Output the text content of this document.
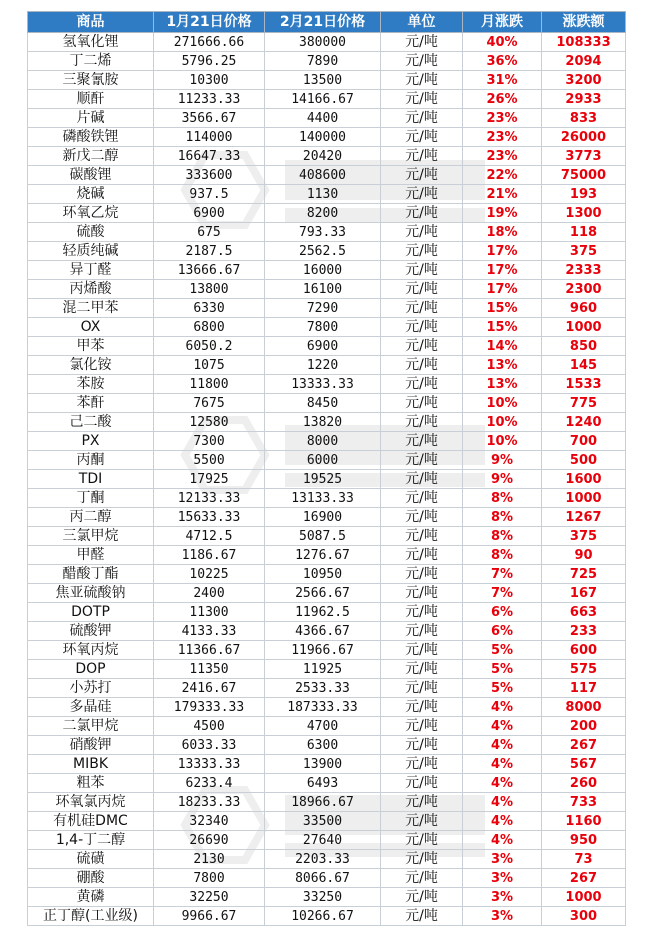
商品	1月21日价格	2月21日价格	单位	月涨跌	涨跌额
氢氧化锂	271666.66	380000	元/吨	40%	108333
丁二烯	5796.25	7890	元/吨	36%	2094
三聚氰胺	10300	13500	元/吨	31%	3200
顺酐	11233.33	14166.67	元/吨	26%	2933
片碱	3566.67	4400	元/吨	23%	833
磷酸铁锂	114000	140000	元/吨	23%	26000
新戊二醇	16647.33	20420	元/吨	23%	3773
碳酸锂	333600	408600	元/吨	22%	75000
烧碱	937.5	1130	元/吨	21%	193
环氧乙烷	6900	8200	元/吨	19%	1300
硫酸	675	793.33	元/吨	18%	118
轻质纯碱	2187.5	2562.5	元/吨	17%	375
异丁醛	13666.67	16000	元/吨	17%	2333
丙烯酸	13800	16100	元/吨	17%	2300
混二甲苯	6330	7290	元/吨	15%	960
OX	6800	7800	元/吨	15%	1000
甲苯	6050.2	6900	元/吨	14%	850
氯化铵	1075	1220	元/吨	13%	145
苯胺	11800	13333.33	元/吨	13%	1533
苯酐	7675	8450	元/吨	10%	775
己二酸	12580	13820	元/吨	10%	1240
PX	7300	8000	元/吨	10%	700
丙酮	5500	6000	元/吨	9%	500
TDI	17925	19525	元/吨	9%	1600
丁酮	12133.33	13133.33	元/吨	8%	1000
丙二醇	15633.33	16900	元/吨	8%	1267
三氯甲烷	4712.5	5087.5	元/吨	8%	375
甲醛	1186.67	1276.67	元/吨	8%	90
醋酸丁酯	10225	10950	元/吨	7%	725
焦亚硫酸钠	2400	2566.67	元/吨	7%	167
DOTP	11300	11962.5	元/吨	6%	663
硫酸钾	4133.33	4366.67	元/吨	6%	233
环氧丙烷	11366.67	11966.67	元/吨	5%	600
DOP	11350	11925	元/吨	5%	575
小苏打	2416.67	2533.33	元/吨	5%	117
多晶硅	179333.33	187333.33	元/吨	4%	8000
二氯甲烷	4500	4700	元/吨	4%	200
硝酸钾	6033.33	6300	元/吨	4%	267
MIBK	13333.33	13900	元/吨	4%	567
粗苯	6233.4	6493	元/吨	4%	260
环氧氯丙烷	18233.33	18966.67	元/吨	4%	733
有机硅DMC	32340	33500	元/吨	4%	1160
1,4-丁二醇	26690	27640	元/吨	4%	950
硫磺	2130	2203.33	元/吨	3%	73
硼酸	7800	8066.67	元/吨	3%	267
黄磷	32250	33250	元/吨	3%	1000
正丁醇(工业级)	9966.67	10266.67	元/吨	3%	300
